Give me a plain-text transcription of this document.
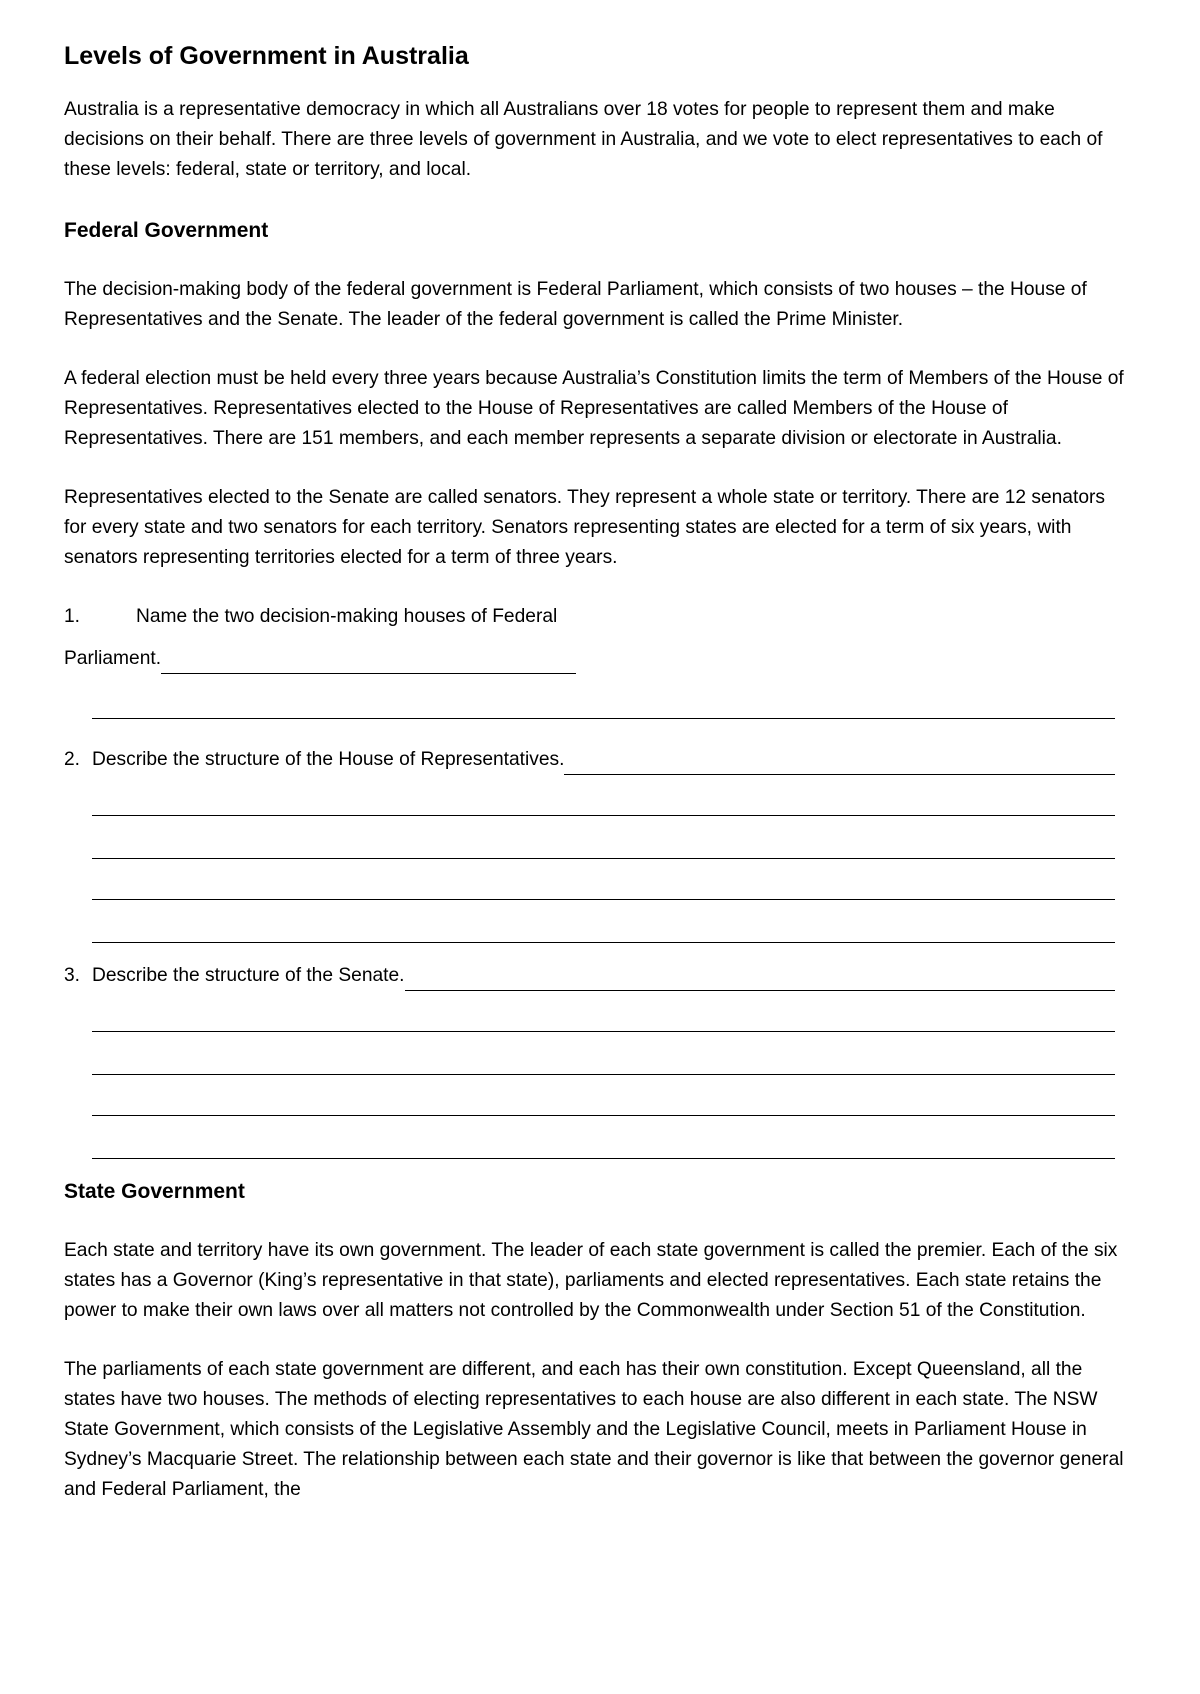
Levels of Government in Australia

Australia is a representative democracy in which all Australians over 18 votes for people to represent them and make decisions on their behalf. There are three levels of government in Australia, and we vote to elect representatives to each of these levels: federal, state or territory, and local.

Federal Government

The decision-making body of the federal government is Federal Parliament, which consists of two houses – the House of Representatives and the Senate. The leader of the federal government is called the Prime Minister.

A federal election must be held every three years because Australia’s Constitution limits the term of Members of the House of Representatives. Representatives elected to the House of Representatives are called Members of the House of Representatives. There are 151 members, and each member represents a separate division or electorate in Australia.

Representatives elected to the Senate are called senators. They represent a whole state or territory. There are 12 senators for every state and two senators for each territory. Senators representing states are elected for a term of six years, with senators representing territories elected for a term of three years.

1.	Name the two decision-making houses of Federal
Parliament.
2. Describe the structure of the House of Representatives.
3. Describe the structure of the Senate.
State Government

Each state and territory have its own government. The leader of each state government is called the premier. Each of the six states has a Governor (King’s representative in that state), parliaments and elected representatives. Each state retains the power to make their own laws over all matters not controlled by the Commonwealth under Section 51 of the Constitution.

The parliaments of each state government are different, and each has their own constitution. Except Queensland, all the states have two houses. The methods of electing representatives to each house are also different in each state. The NSW State Government, which consists of the Legislative Assembly and the Legislative Council, meets in Parliament House in Sydney’s Macquarie Street. The relationship between each state and their governor is like that between the governor general and Federal Parliament, the
